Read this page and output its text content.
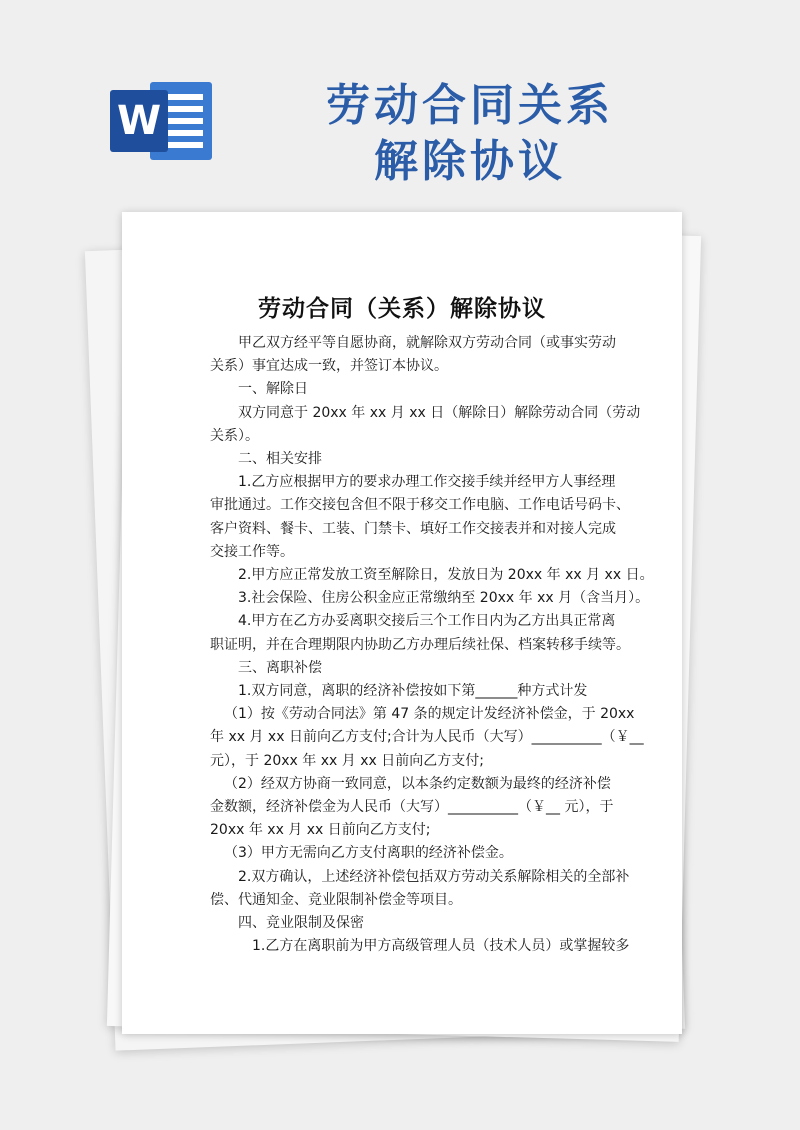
W	劳动合同关系
解除协议
劳动合同（关系）解除协议

甲乙双方经平等自愿协商，就解除双方劳动合同（或事实劳动

关系）事宜达成一致，并签订本协议。

一、解除日

双方同意于 20xx 年 xx 月 xx 日（解除日）解除劳动合同（劳动

关系）。

二、相关安排

1.乙方应根据甲方的要求办理工作交接手续并经甲方人事经理

审批通过。工作交接包含但不限于移交工作电脑、工作电话号码卡、

客户资料、餐卡、工装、门禁卡、填好工作交接表并和对接人完成

交接工作等。

2.甲方应正常发放工资至解除日，发放日为 20xx 年 xx 月 xx 日。

3.社会保险、住房公积金应正常缴纳至 20xx 年 xx 月（含当月）。

4.甲方在乙方办妥离职交接后三个工作日内为乙方出具正常离

职证明，并在合理期限内协助乙方办理后续社保、档案转移手续等。

三、离职补偿

1.双方同意，离职的经济补偿按如下第______种方式计发

（1）按《劳动合同法》第 47 条的规定计发经济补偿金，于 20xx

年 xx 月 xx 日前向乙方支付;合计为人民币（大写）__________（￥__

元），于 20xx 年 xx 月 xx 日前向乙方支付;

（2）经双方协商一致同意，以本条约定数额为最终的经济补偿

金数额，经济补偿金为人民币（大写）__________（￥__ 元），于

20xx 年 xx 月 xx 日前向乙方支付;

（3）甲方无需向乙方支付离职的经济补偿金。

2.双方确认，上述经济补偿包括双方劳动关系解除相关的全部补

偿、代通知金、竞业限制补偿金等项目。

四、竞业限制及保密

1.乙方在离职前为甲方高级管理人员（技术人员）或掌握较多
